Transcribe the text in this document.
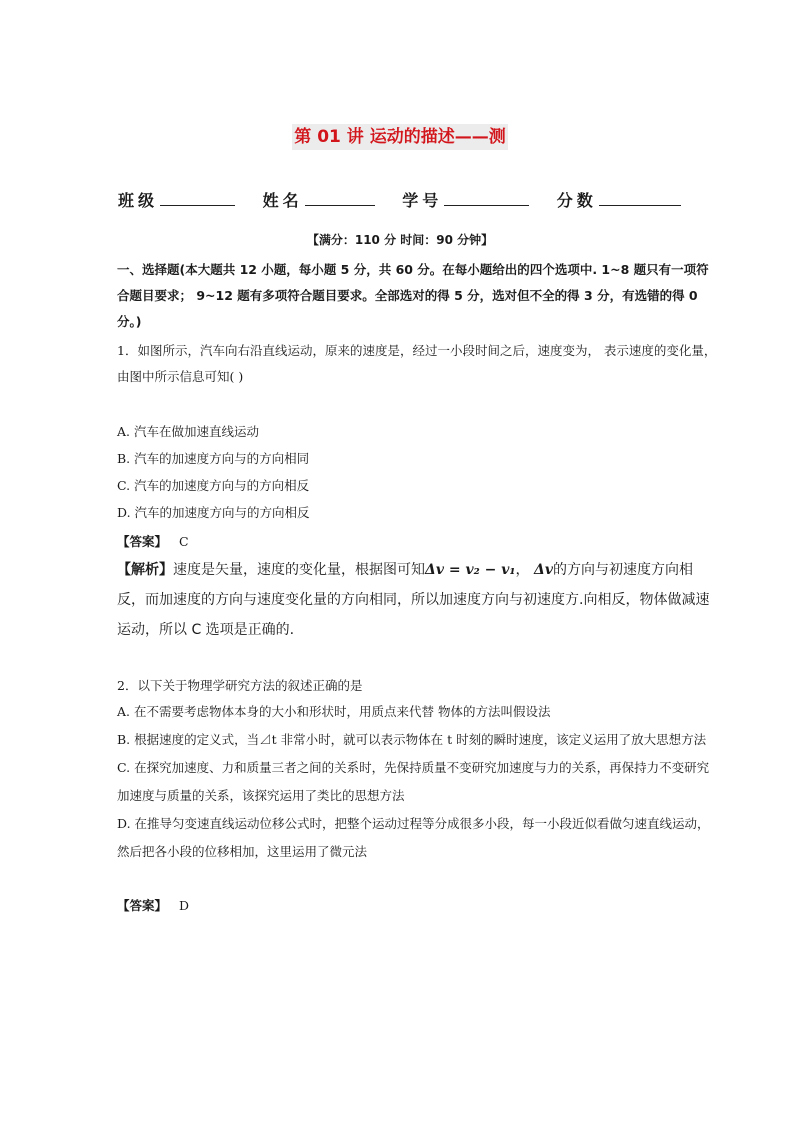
第 01 讲 运动的描述——测
班级	姓名	学号	分数
【满分：110 分 时间：90 分钟】
一、选择题(本大题共 12 小题，每小题 5 分，共 60 分。在每小题给出的四个选项中. 1~8 题只有一项符合题目要求； 9~12 题有多项符合题目要求。全部选对的得 5 分，选对但不全的得 3 分，有选错的得 0 分。)
1．如图所示，汽车向右沿直线运动，原来的速度是，经过一小段时间之后，速度变为， 表示速度的变化量，由图中所示信息可知( )
A. 汽车在做加速直线运动
B. 汽车的加速度方向与的方向相同
C. 汽车的加速度方向与的方向相反
D. 汽车的加速度方向与的方向相反
【答案】 C
【解析】速度是矢量，速度的变化量，根据图可知Δv = v₂ − v₁， Δv的方向与初速度方向相反，而加速度的方向与速度变化量的方向相同，所以加速度方向与初速度方.向相反，物体做减速运动，所以 C 选项是正确的.
2．以下关于物理学研究方法的叙述正确的是
A. 在不需要考虑物体本身的大小和形状时，用质点来代替 物体的方法叫假设法
B. 根据速度的定义式，当⊿t 非常小时，就可以表示物体在 t 时刻的瞬时速度，该定义运用了放大思想方法
C. 在探究加速度、力和质量三者之间的关系时，先保持质量不变研究加速度与力的关系，再保持力不变研究加速度与质量的关系，该探究运用了类比的思想方法
D. 在推导匀变速直线运动位移公式时，把整个运动过程等分成很多小段，每一小段近似看做匀速直线运动，然后把各小段的位移相加，这里运用了微元法
【答案】 D
